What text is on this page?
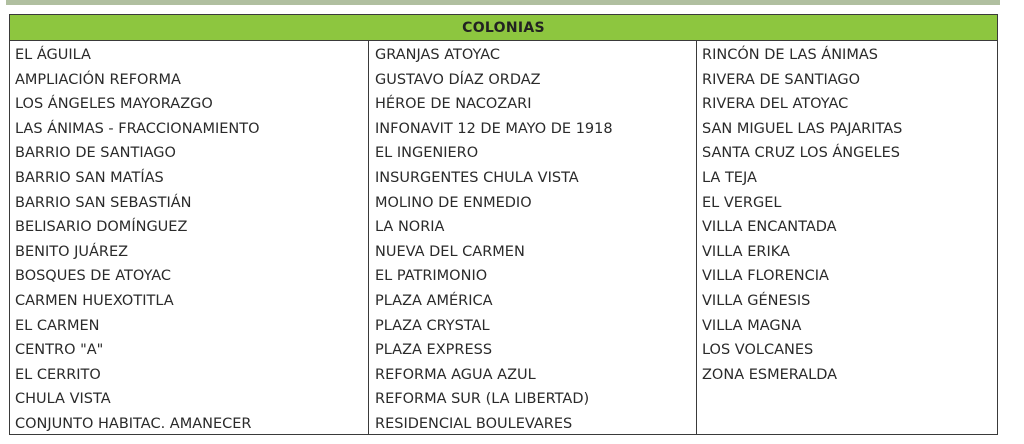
COLONIAS
EL ÁGUILA
AMPLIACIÓN REFORMA
LOS ÁNGELES MAYORAZGO
LAS ÁNIMAS - FRACCIONAMIENTO
BARRIO DE SANTIAGO
BARRIO SAN MATÍAS
BARRIO SAN SEBASTIÁN
BELISARIO DOMÍNGUEZ
BENITO JUÁREZ
BOSQUES DE ATOYAC
CARMEN HUEXOTITLA
EL CARMEN
CENTRO "A"
EL CERRITO
CHULA VISTA
CONJUNTO HABITAC. AMANECER
GRANJAS ATOYAC
GUSTAVO DÍAZ ORDAZ
HÉROE DE NACOZARI
INFONAVIT 12 DE MAYO DE 1918
EL INGENIERO
INSURGENTES CHULA VISTA
MOLINO DE ENMEDIO
LA NORIA
NUEVA DEL CARMEN
EL PATRIMONIO
PLAZA AMÉRICA
PLAZA CRYSTAL
PLAZA EXPRESS
REFORMA AGUA AZUL
REFORMA SUR (LA LIBERTAD)
RESIDENCIAL BOULEVARES
RINCÓN DE LAS ÁNIMAS
RIVERA DE SANTIAGO
RIVERA DEL ATOYAC
SAN MIGUEL LAS PAJARITAS
SANTA CRUZ LOS ÁNGELES
LA TEJA
EL VERGEL
VILLA ENCANTADA
VILLA ERIKA
VILLA FLORENCIA
VILLA GÉNESIS
VILLA MAGNA
LOS VOLCANES
ZONA ESMERALDA
